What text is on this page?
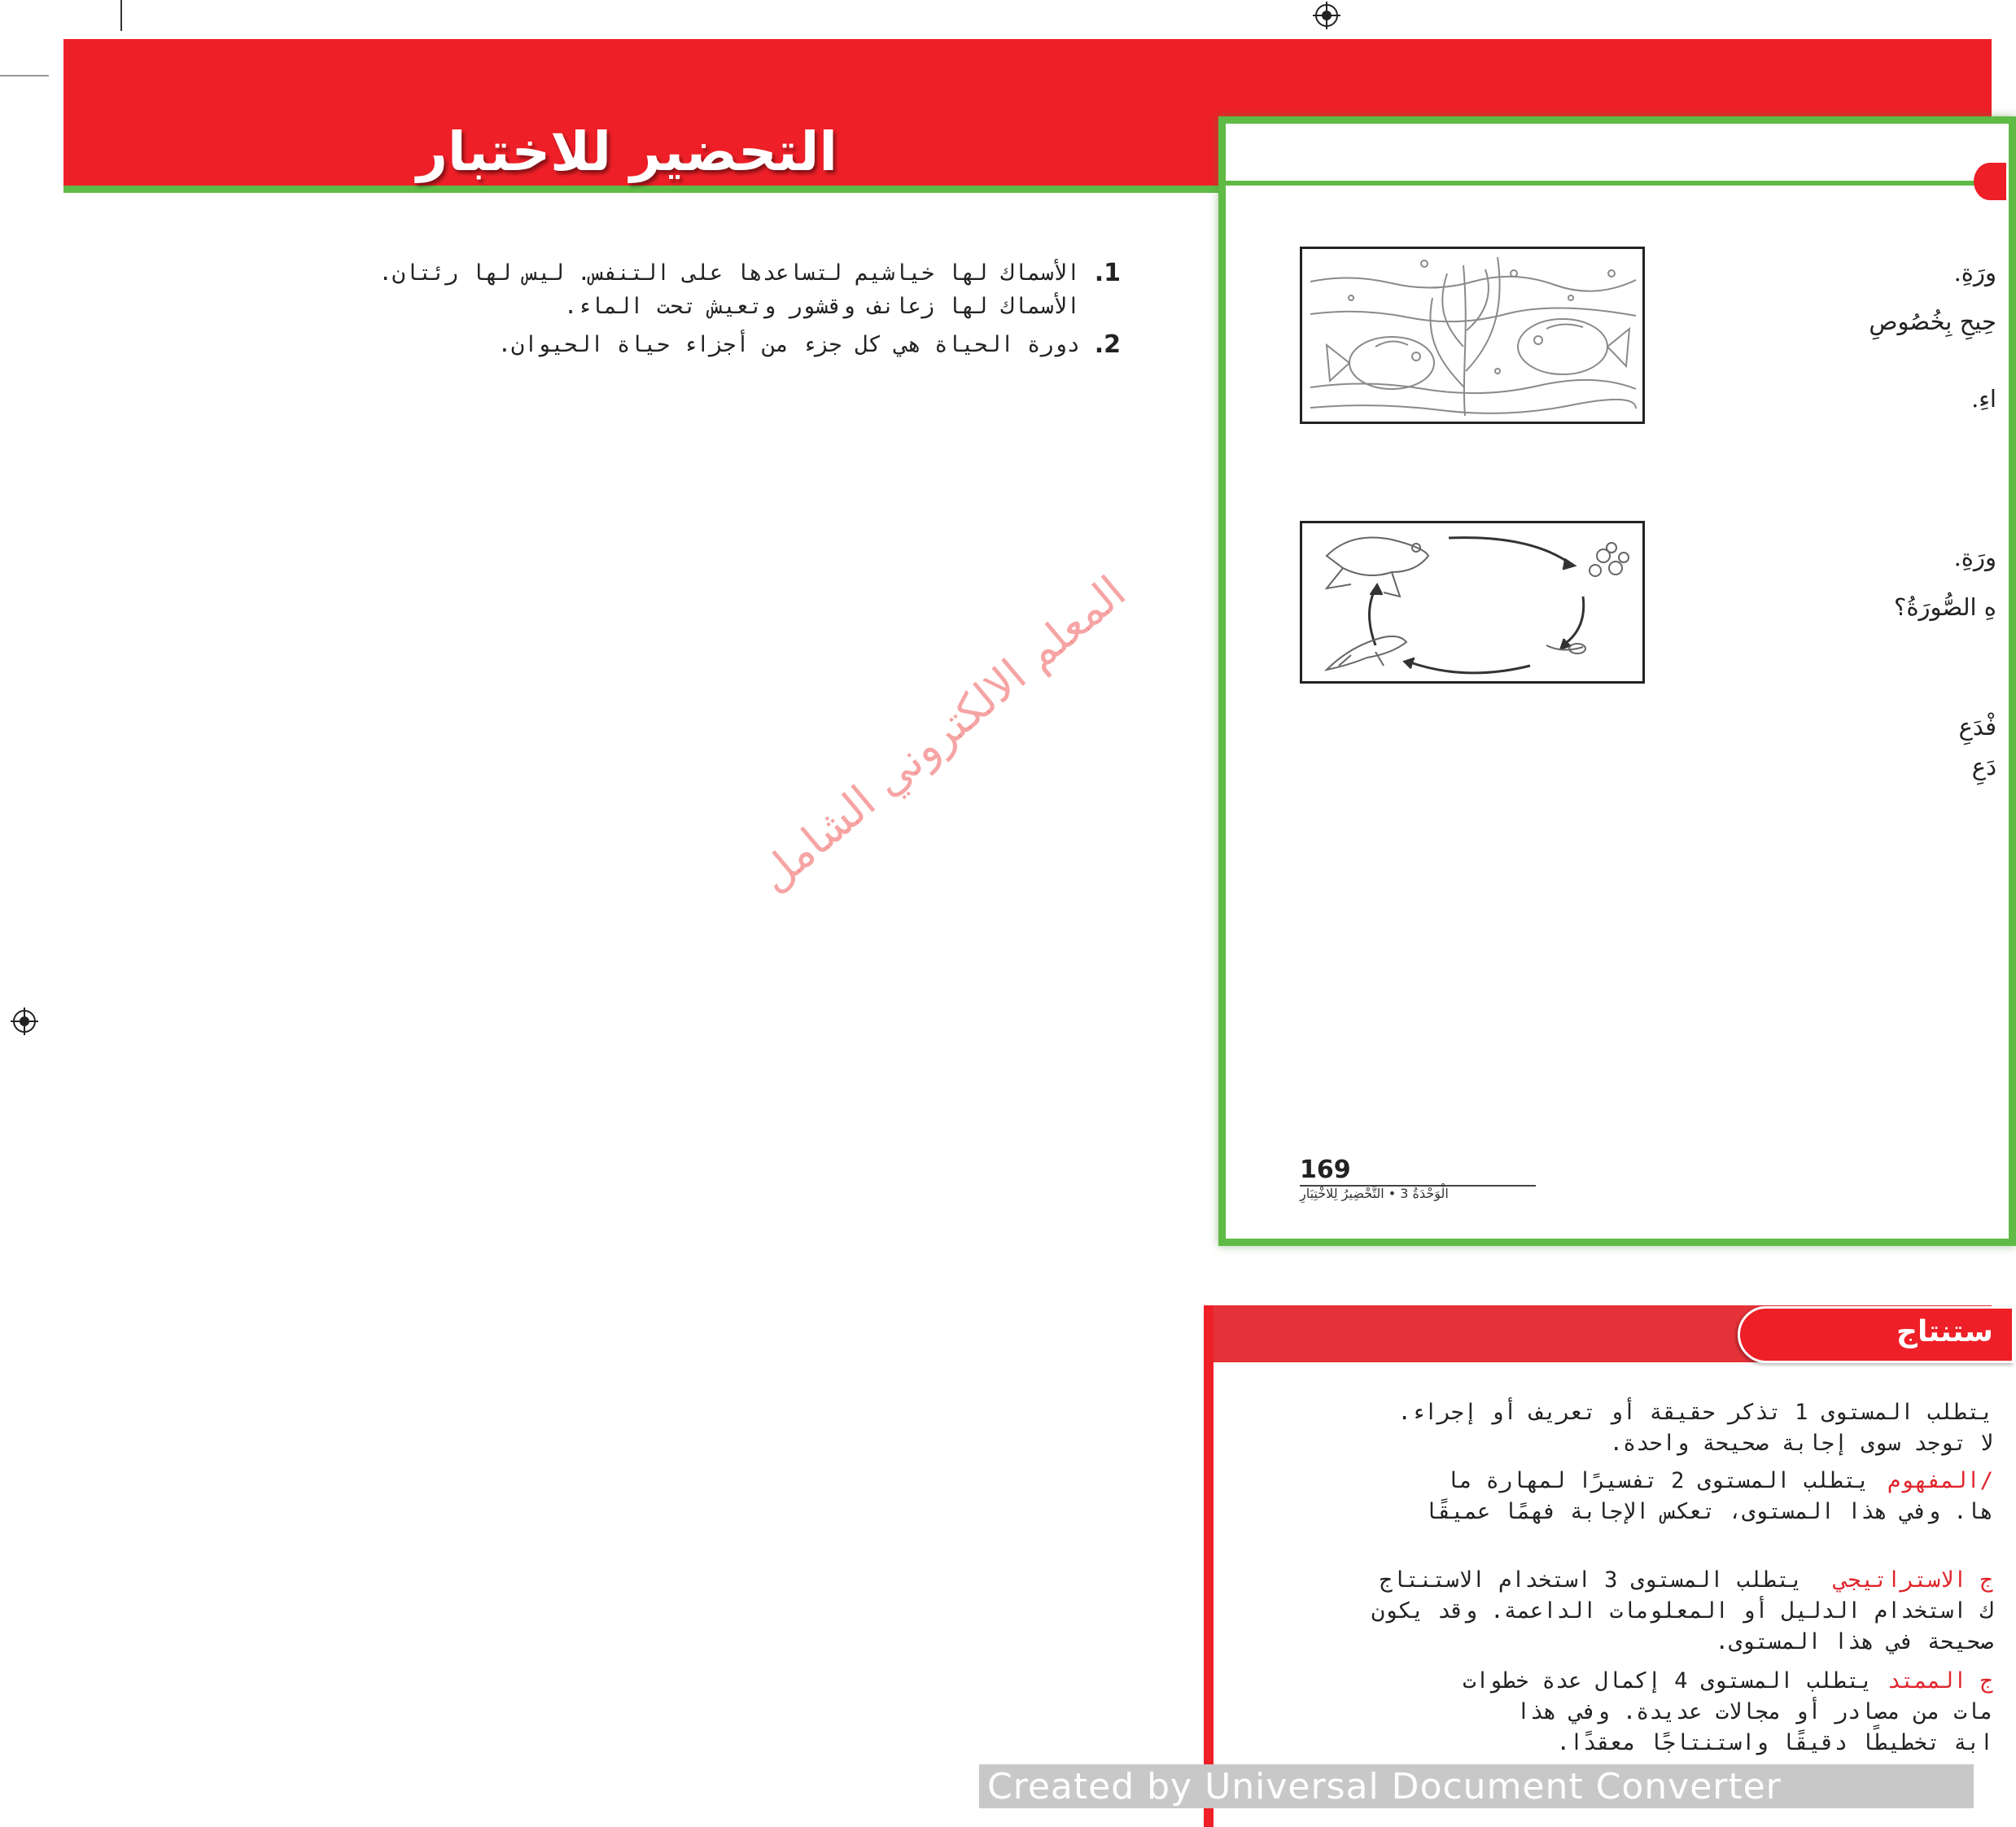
التحضير للاختبار
1.
الأسماك لها خياشيم لتساعدها على التنفس. ليس لها رئتان. الأسماك لها زعانف وقشور وتعيش تحت الماء.
2.
دورة الحياة هي كل جزء من أجزاء حياة الحيوان.
المعلم الالكتروني الشامل
ورَةِ.
حِيحِ بِخُصُوصِ
اءِ.
ورَةِ.
هِ الصُّورَةُ؟
فْدَعِ
دَعِ
169
الْوَحْدَةُ 3 • التَّحْضِيرُ لِلاخْتِبَارِ
ستنتاج
يتطلب المستوى 1 تذكر حقيقة أو تعريف أو إجراء.
لا توجد سوى إجابة صحيحة واحدة.
/المفهوم
يتطلب المستوى 2 تفسيرًا لمهارة ما
ها. وفي هذا المستوى، تعكس الإجابة فهمًا عميقًا
ج الاستراتيجي
يتطلب المستوى 3 استخدام الاستنتاج
ك استخدام الدليل أو المعلومات الداعمة. وقد يكون
صحيحة في هذا المستوى.
ج الممتد
يتطلب المستوى 4 إكمال عدة خطوات
مات من مصادر أو مجالات عديدة. وفي هذا
ابة تخطيطًا دقيقًا واستنتاجًا معقدًا.
Created by Universal Document Converter
